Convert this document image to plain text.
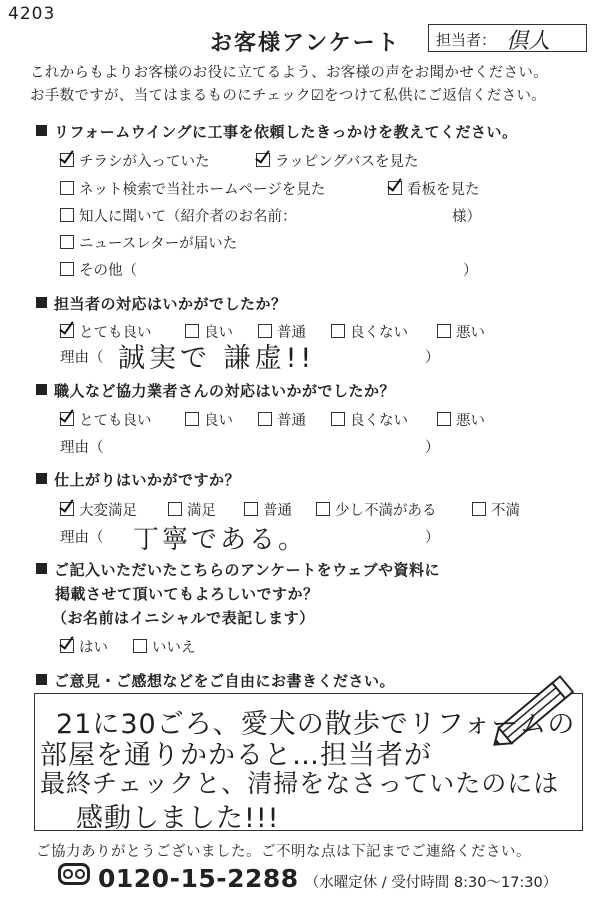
4203
お客様アンケート 担当者： 倶人
これからもよりお客様のお役に立てるよう、お客様の声をお聞かせください。
お手数ですが、当てはまるものにチェック☑をつけて私供にご返信ください。
リフォームウイングに工事を依頼したきっかけを教えてください。
チラシが入っていた	ラッピングバスを見た
ネット検索で当社ホームページを見た	看板を見た
知人に聞いて（紹介者のお名前：	様）
ニュースレターが届いた
その他（	）
担当者の対応はいかがでしたか？
とても良い	良い	普通	良くない	悪い
理由（ 誠実で 謙虚!!	）
職人など協力業者さんの対応はいかがでしたか？
とても良い	良い	普通	良くない	悪い
理由（	）
仕上がりはいかがですか？
大変満足	満足	普通	少し不満がある	不満
理由（ 丁寧である。	）
ご記入いただいたこちらのアンケートをウェブや資料に
掲載させて頂いてもよろしいですか？
（お名前はイニシャルで表記します）
はい	いいえ
ご意見・ご感想などをご自由にお書きください。
21に30ごろ、愛犬の散歩でリフォームの
部屋を通りかかると…担当者が
最終チェックと、清掃をなさっていたのには
感動しました!!!
ご協力ありがとうございました。ご不明な点は下記までご連絡ください。
0120-15-2288 （水曜定休 / 受付時間 8:30〜17:30）
